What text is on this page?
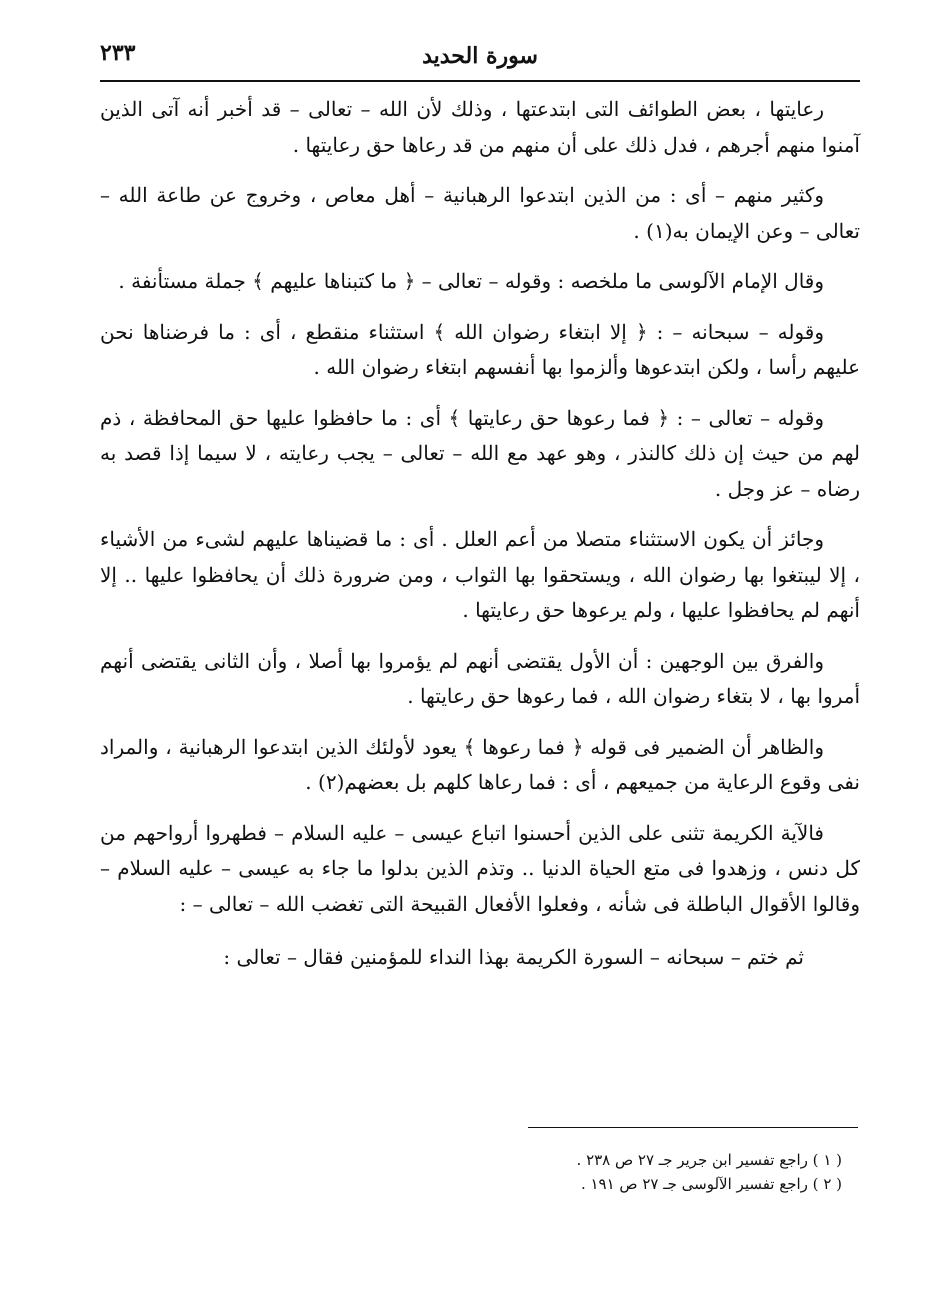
سورة الحديد
٢٣٣

رعايتها ، بعض الطوائف التى ابتدعتها ، وذلك لأن الله – تعالى – قد أخبر أنه آتى الذين آمنوا منهم أجرهم ، فدل ذلك على أن منهم من قد رعاها حق رعايتها .

وكثير منهم – أى : من الذين ابتدعوا الرهبانية – أهل معاص ، وخروج عن طاعة الله – تعالى – وعن الإيمان به(١) .

وقال الإمام الآلوسى ما ملخصه : وقوله – تعالى – ﴿ ما كتبناها عليهم ﴾ جملة مستأنفة .

وقوله – سبحانه – : ﴿ إلا ابتغاء رضوان الله ﴾ استثناء منقطع ، أى : ما فرضناها نحن عليهم رأسا ، ولكن ابتدعوها وألزموا بها أنفسهم ابتغاء رضوان الله .

وقوله – تعالى – : ﴿ فما رعوها حق رعايتها ﴾ أى : ما حافظوا عليها حق المحافظة ، ذم لهم من حيث إن ذلك كالنذر ، وهو عهد مع الله – تعالى – يجب رعايته ، لا سيما إذا قصد به رضاه – عز وجل .

وجائز أن يكون الاستثناء متصلا من أعم العلل . أى : ما قضيناها عليهم لشىء من الأشياء ، إلا ليبتغوا بها رضوان الله ، ويستحقوا بها الثواب ، ومن ضرورة ذلك أن يحافظوا عليها .. إلا أنهم لم يحافظوا عليها ، ولم يرعوها حق رعايتها .

والفرق بين الوجهين : أن الأول يقتضى أنهم لم يؤمروا بها أصلا ، وأن الثانى يقتضى أنهم أمروا بها ، لا بتغاء رضوان الله ، فما رعوها حق رعايتها .

والظاهر أن الضمير فى قوله ﴿ فما رعوها ﴾ يعود لأولئك الذين ابتدعوا الرهبانية ، والمراد نفى وقوع الرعاية من جميعهم ، أى : فما رعاها كلهم بل بعضهم(٢) .

فالآية الكريمة تثنى على الذين أحسنوا اتباع عيسى – عليه السلام – فطهروا أرواحهم من كل دنس ، وزهدوا فى متع الحياة الدنيا .. وتذم الذين بدلوا ما جاء به عيسى – عليه السلام – وقالوا الأقوال الباطلة فى شأنه ، وفعلوا الأفعال القبيحة التى تغضب الله – تعالى – :

ثم ختم – سبحانه – السورة الكريمة بهذا النداء للمؤمنين فقال – تعالى :

( ١ ) راجع تفسير ابن جرير جـ ٢٧ ص ٢٣٨ .

( ٢ ) راجع تفسير الآلوسى جـ ٢٧ ص ١٩١ .
